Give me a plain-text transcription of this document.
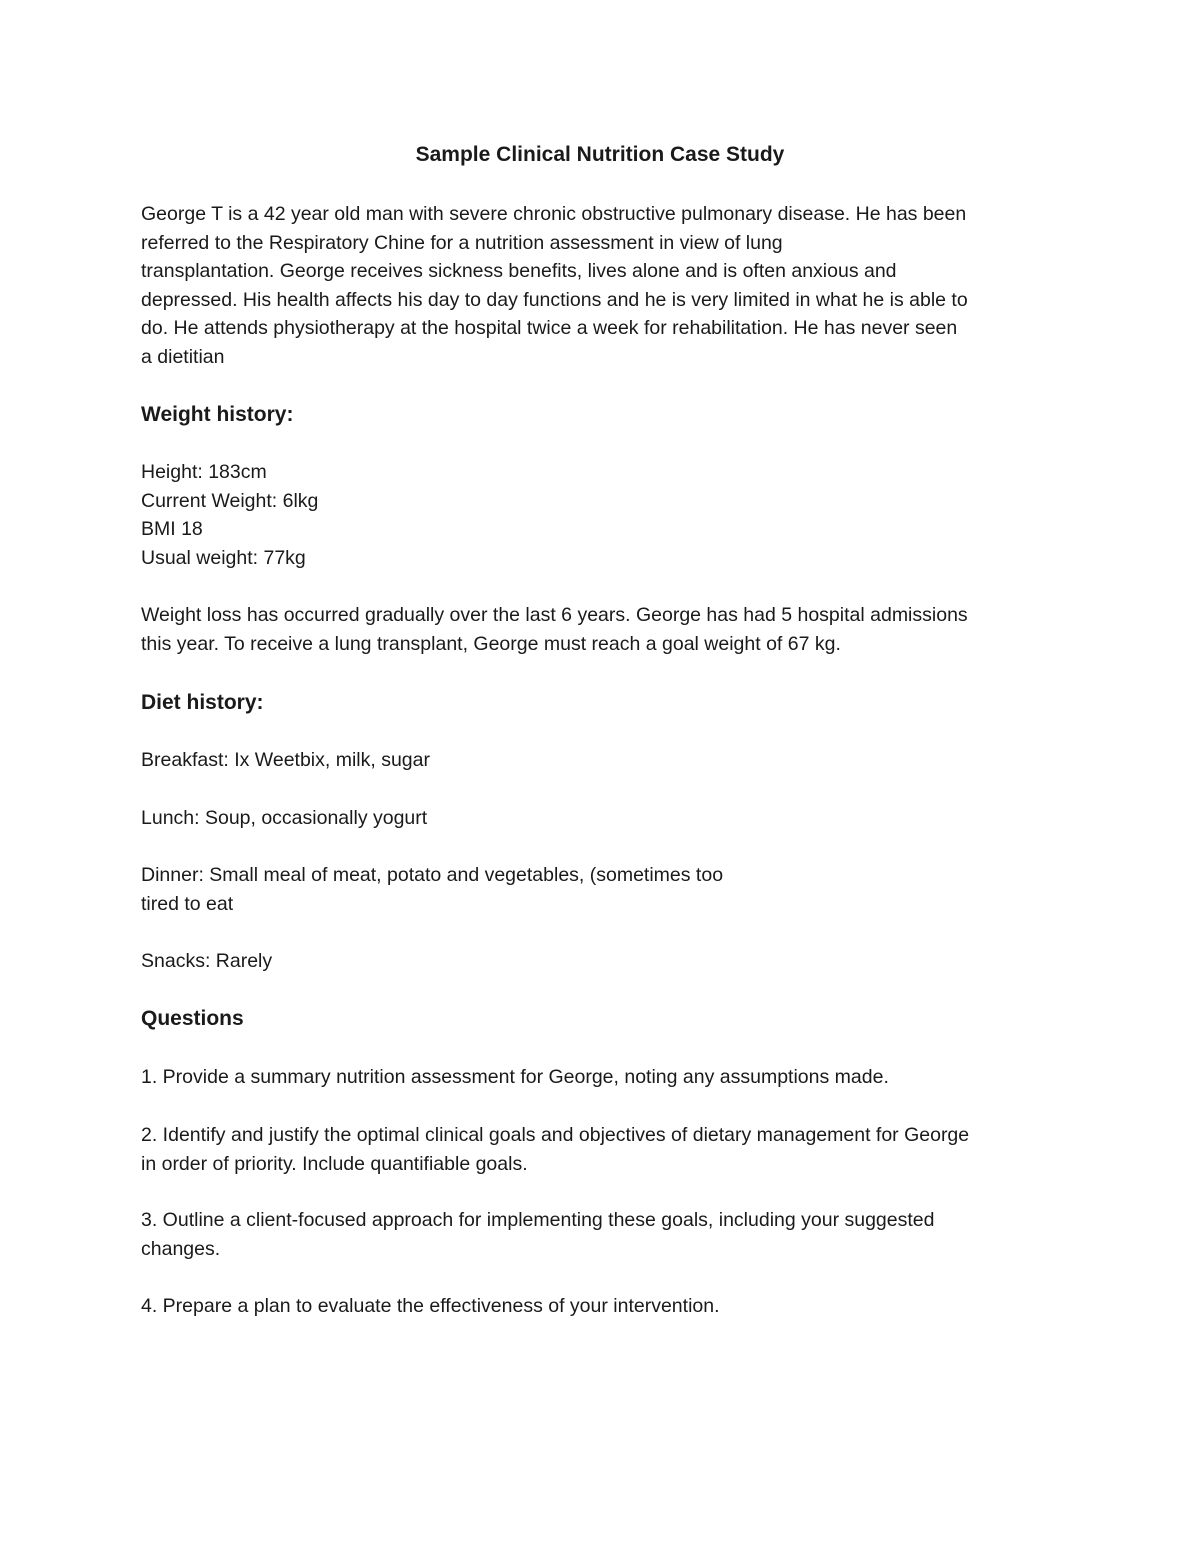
Sample Clinical Nutrition Case Study

George T is a 42 year old man with severe chronic obstructive pulmonary disease. He has been
referred to the Respiratory Chine for a nutrition assessment in view of lung
transplantation. George receives sickness benefits, lives alone and is often anxious and
depressed. His health affects his day to day functions and he is very limited in what he is able to
do. He attends physiotherapy at the hospital twice a week for rehabilitation. He has never seen
a dietitian

Weight history:

Height: 183cm
Current Weight: 6lkg
BMI 18
Usual weight: 77kg

Weight loss has occurred gradually over the last 6 years. George has had 5 hospital admissions
this year. To receive a lung transplant, George must reach a goal weight of 67 kg.

Diet history:

Breakfast: Ix Weetbix, milk, sugar

Lunch: Soup, occasionally yogurt

Dinner: Small meal of meat, potato and vegetables, (sometimes too
tired to eat

Snacks: Rarely

Questions

1. Provide a summary nutrition assessment for George, noting any assumptions made.

2. Identify and justify the optimal clinical goals and objectives of dietary management for George
in order of priority. Include quantifiable goals.

3. Outline a client-focused approach for implementing these goals, including your suggested
changes.

4. Prepare a plan to evaluate the effectiveness of your intervention.
